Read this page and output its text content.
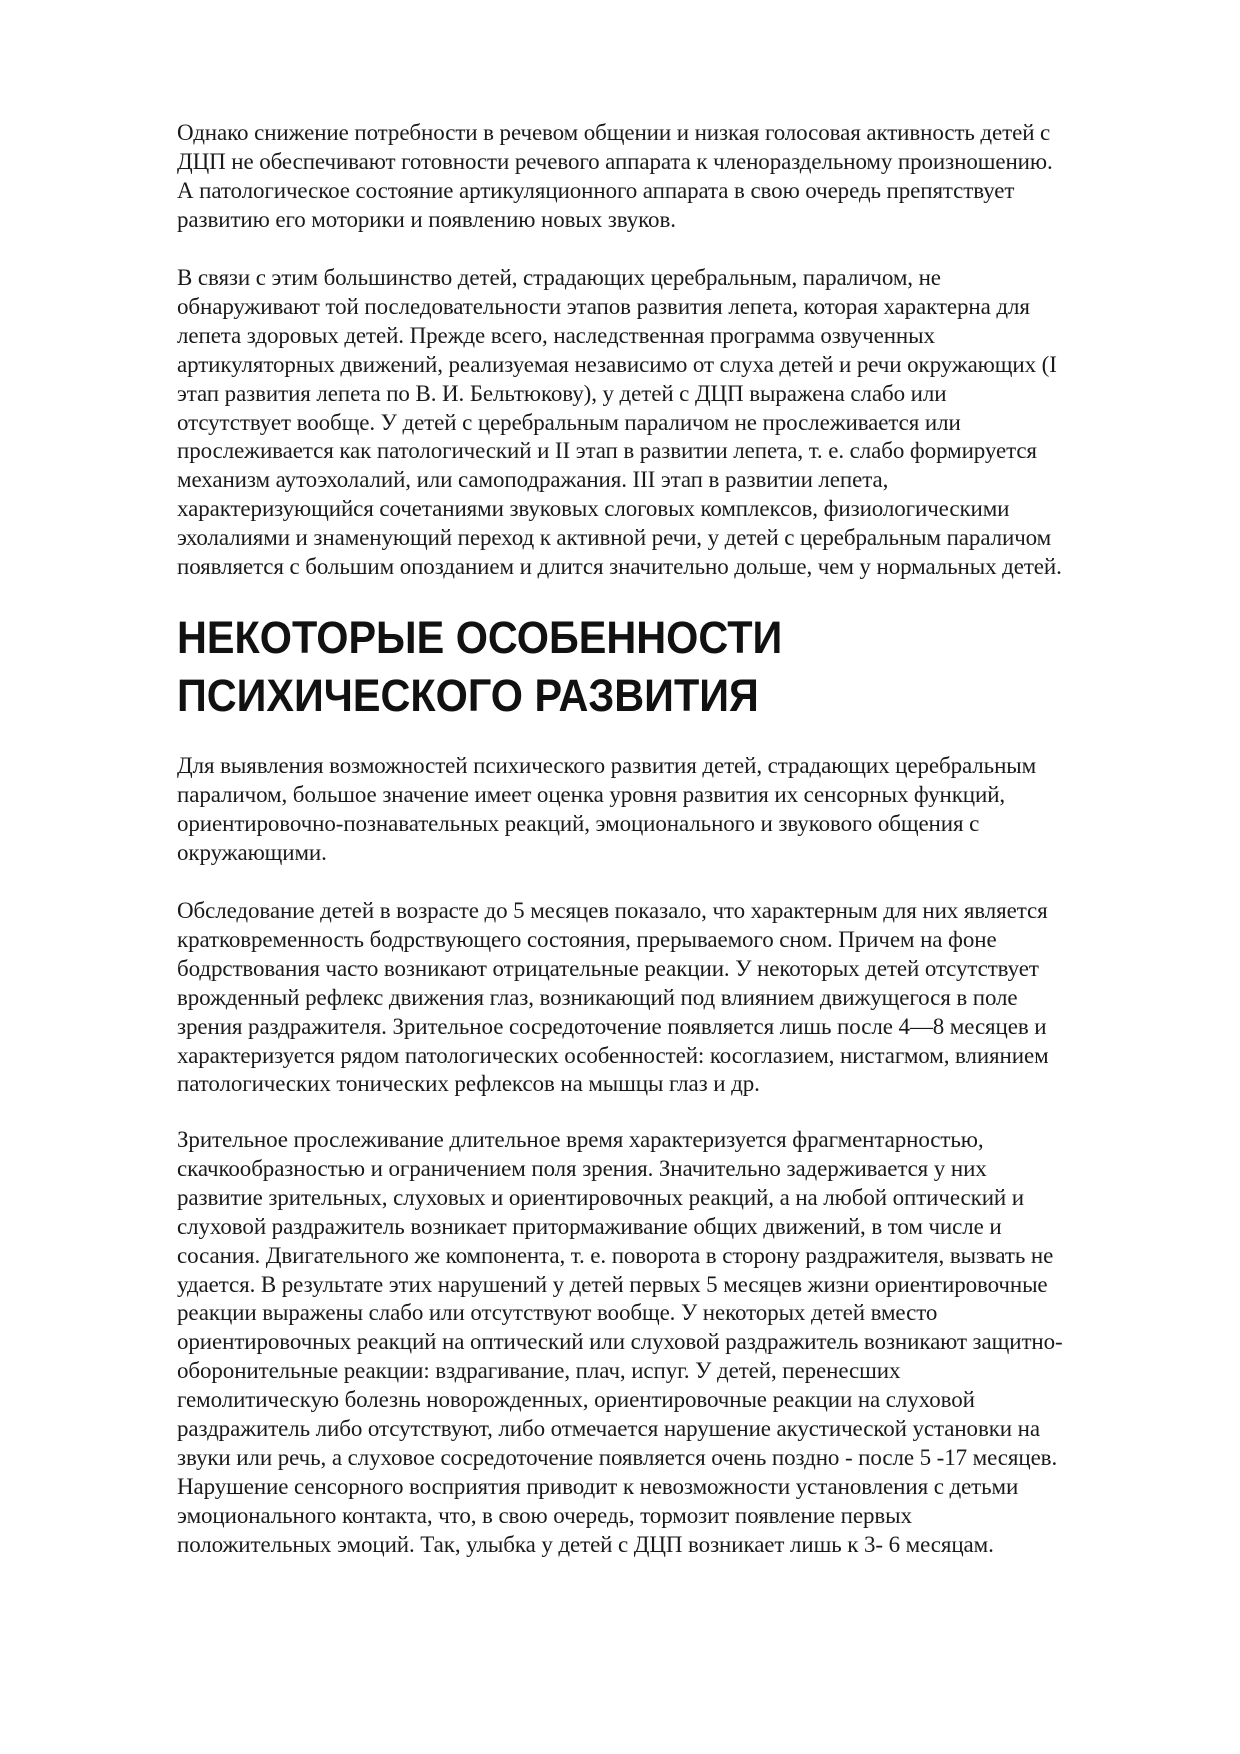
Однако снижение потребности в речевом общении и низкая голосовая активность детей с
ДЦП не обеспечивают готовности речевого аппарата к членораздельному произношению.
А патологическое состояние артикуляционного аппарата в свою очередь препятствует
развитию его моторики и появлению новых звуков.

В связи с этим большинство детей, страдающих церебральным, параличом, не
обнаруживают той последовательности этапов развития лепета, которая характерна для
лепета здоровых детей. Прежде всего, наследственная программа озвученных
артикуляторных движений, реализуемая независимо от слуха детей и речи окружающих (I
этап развития лепета по В. И. Бельтюкову), у детей с ДЦП выражена слабо или
отсутствует вообще. У детей с церебральным параличом не прослеживается или
прослеживается как патологический и II этап в развитии лепета, т. е. слабо формируется
механизм аутоэхолалий, или самоподражания. III этап в развитии лепета,
характеризующийся сочетаниями звуковых слоговых комплексов, физиологическими
эхолалиями и знаменующий переход к активной речи, у детей с церебральным параличом
появляется с большим опозданием и длится значительно дольше, чем у нормальных детей.

НЕКОТОРЫЕ ОСОБЕННОСТИ
ПСИХИЧЕСКОГО РАЗВИТИЯ

Для выявления возможностей психического развития детей, страдающих церебральным
параличом, большое значение имеет оценка уровня развития их сенсорных функций,
ориентировочно-познавательных реакций, эмоционального и звукового общения с
окружающими.

Обследование детей в возрасте до 5 месяцев показало, что характерным для них является
кратковременность бодрствующего состояния, прерываемого сном. Причем на фоне
бодрствования часто возникают отрицательные реакции. У некоторых детей отсутствует
врожденный рефлекс движения глаз, возникающий под влиянием движущегося в поле
зрения раздражителя. Зрительное сосредоточение появляется лишь после 4—8 месяцев и
характеризуется рядом патологических особенностей: косоглазием, нистагмом, влиянием
патологических тонических рефлексов на мышцы глаз и др.

Зрительное прослеживание длительное время характеризуется фрагментарностью,
скачкообразностью и ограничением поля зрения. Значительно задерживается у них
развитие зрительных, слуховых и ориентировочных реакций, а на любой оптический и
слуховой раздражитель возникает притормаживание общих движений, в том числе и
сосания. Двигательного же компонента, т. е. поворота в сторону раздражителя, вызвать не
удается. В результате этих нарушений у детей первых 5 месяцев жизни ориентировочные
реакции выражены слабо или отсутствуют вообще. У некоторых детей вместо
ориентировочных реакций на оптический или слуховой раздражитель возникают защитно-
оборонительные реакции: вздрагивание, плач, испуг. У детей, перенесших
гемолитическую болезнь новорожденных, ориентировочные реакции на слуховой
раздражитель либо отсутствуют, либо отмечается нарушение акустической установки на
звуки или речь, а слуховое сосредоточение появляется очень поздно - после 5 -17 месяцев.
Нарушение сенсорного восприятия приводит к невозможности установления с детьми
эмоционального контакта, что, в свою очередь, тормозит появление первых
положительных эмоций. Так, улыбка у детей с ДЦП возникает лишь к 3- 6 месяцам.
